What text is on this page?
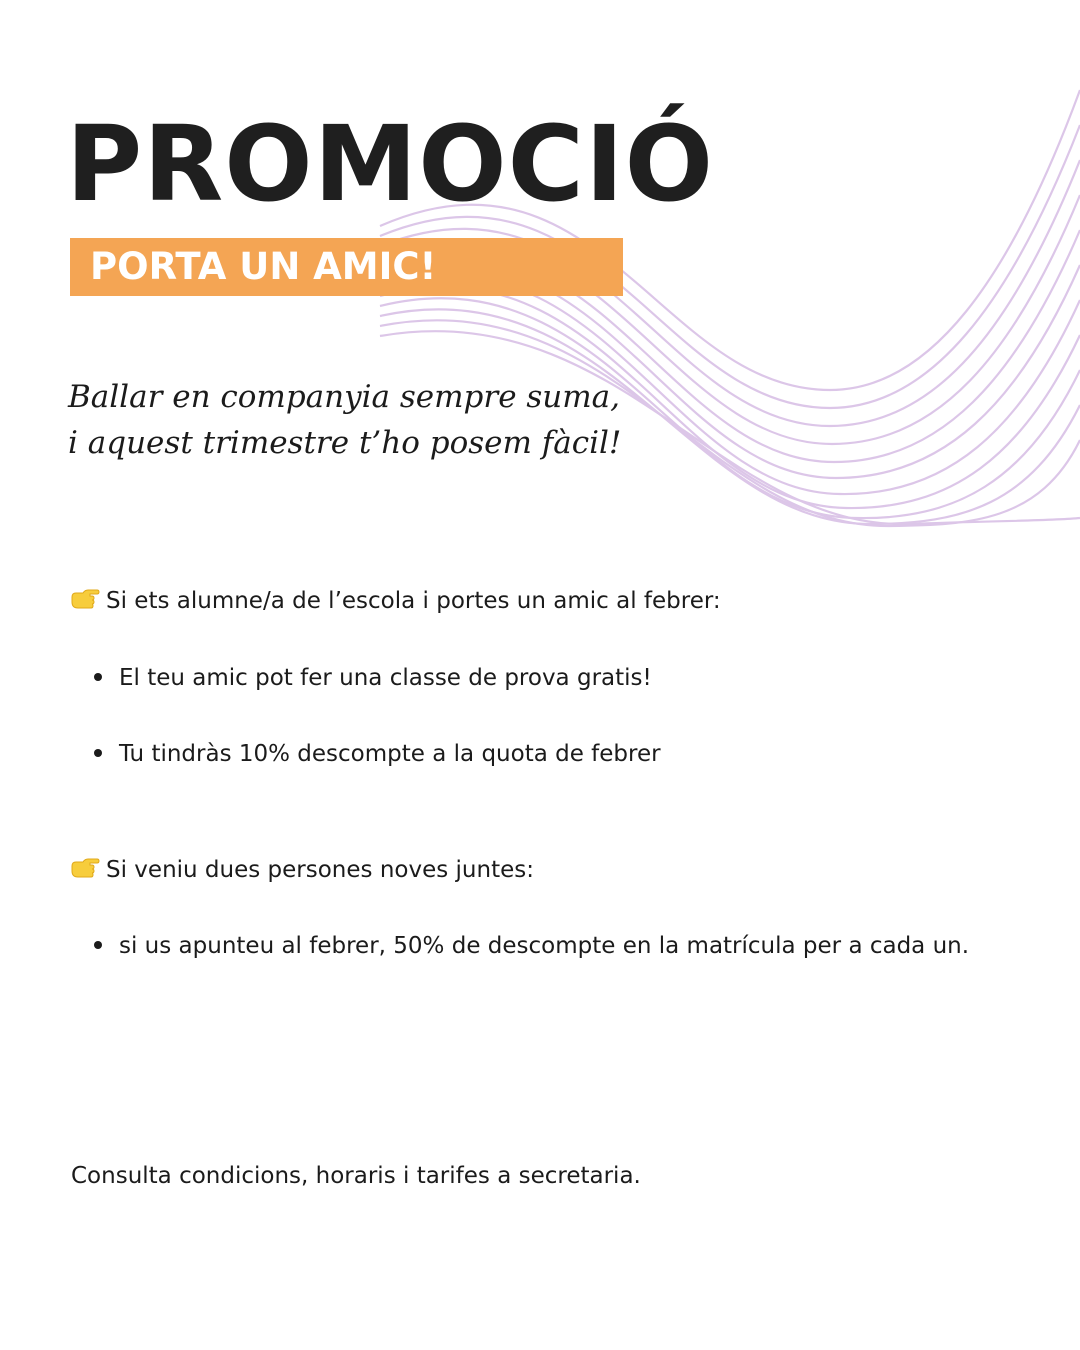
PROMOCIÓ
PORTA UN AMIC!
Ballar en companyia sempre suma,
i aquest trimestre t’ho posem fàcil!
Si ets alumne/a de l’escola i portes un amic al febrer:
El teu amic pot fer una classe de prova gratis!
Tu tindràs 10% descompte a la quota de febrer
Si veniu dues persones noves juntes:
si us apunteu al febrer, 50% de descompte en la matrícula per a cada un.
Consulta condicions, horaris i tarifes a secretaria.
